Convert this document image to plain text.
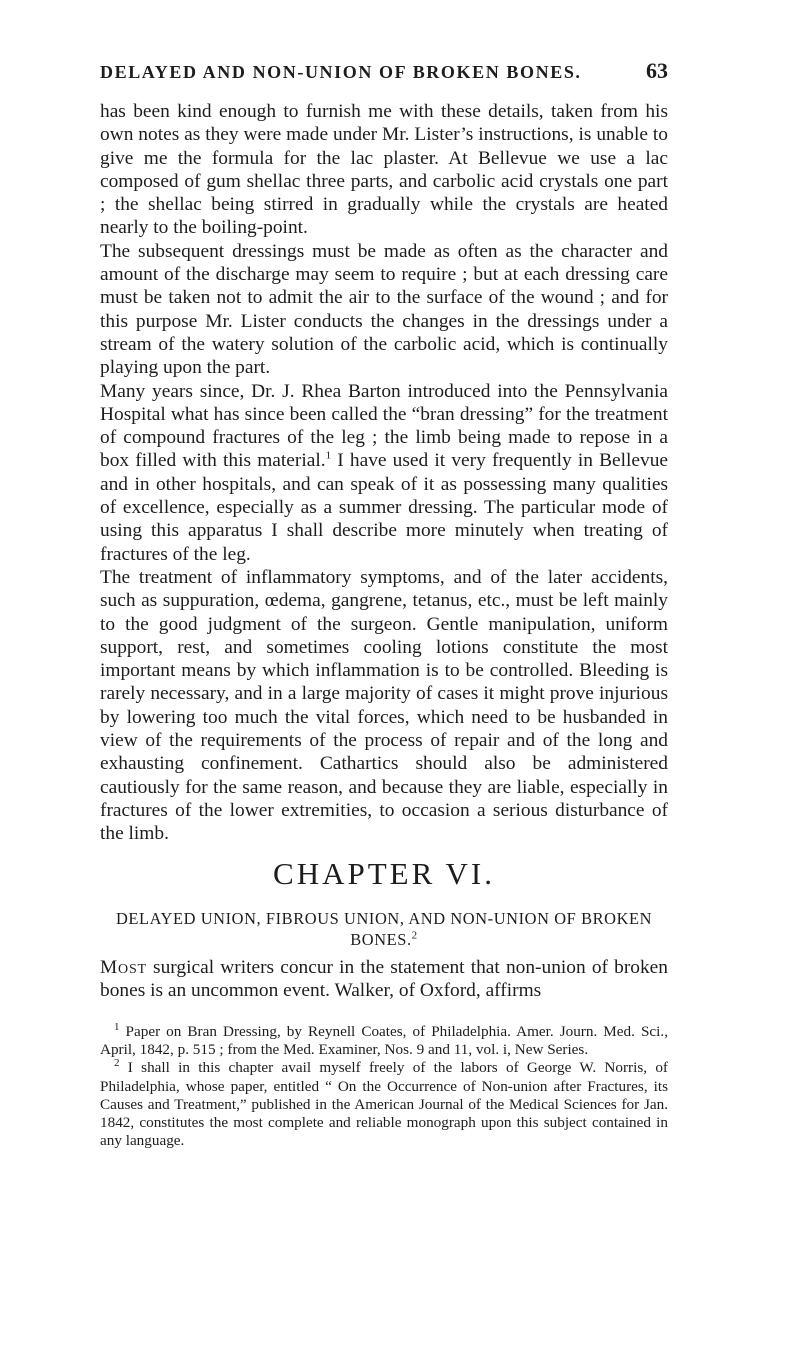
DELAYED AND NON-UNION OF BROKEN BONES.	63

has been kind enough to furnish me with these details, taken from his own notes as they were made under Mr. Lister’s instructions, is unable to give me the formula for the lac plaster. At Bellevue we use a lac composed of gum shellac three parts, and carbolic acid crystals one part ; the shellac being stirred in gradually while the crystals are heated nearly to the boiling-point.

The subsequent dressings must be made as often as the character and amount of the discharge may seem to require ; but at each dressing care must be taken not to admit the air to the surface of the wound ; and for this purpose Mr. Lister conducts the changes in the dressings under a stream of the watery solution of the carbolic acid, which is continually playing upon the part.

Many years since, Dr. J. Rhea Barton introduced into the Pennsylvania Hospital what has since been called the “bran dressing” for the treatment of compound fractures of the leg ; the limb being made to repose in a box filled with this material.$^1$ I have used it very frequently in Bellevue and in other hospitals, and can speak of it as possessing many qualities of excellence, especially as a summer dressing. The particular mode of using this apparatus I shall describe more minutely when treating of fractures of the leg.

The treatment of inflammatory symptoms, and of the later accidents, such as suppuration, œdema, gangrene, tetanus, etc., must be left mainly to the good judgment of the surgeon. Gentle manipulation, uniform support, rest, and sometimes cooling lotions constitute the most important means by which inflammation is to be controlled. Bleeding is rarely necessary, and in a large majority of cases it might prove injurious by lowering too much the vital forces, which need to be husbanded in view of the requirements of the process of repair and of the long and exhausting confinement. Cathartics should also be administered cautiously for the same reason, and because they are liable, especially in fractures of the lower extremities, to occasion a serious disturbance of the limb.

CHAPTER VI.
DELAYED UNION, FIBROUS UNION, AND NON-UNION OF BROKEN BONES.$^2$

Most surgical writers concur in the statement that non-union of broken bones is an uncommon event. Walker, of Oxford, affirms

$^1$ Paper on Bran Dressing, by Reynell Coates, of Philadelphia. Amer. Journ. Med. Sci., April, 1842, p. 515 ; from the Med. Examiner, Nos. 9 and 11, vol. i, New Series.

$^2$ I shall in this chapter avail myself freely of the labors of George W. Norris, of Philadelphia, whose paper, entitled “ On the Occurrence of Non-union after Fractures, its Causes and Treatment,” published in the American Journal of the Medical Sciences for Jan. 1842, constitutes the most complete and reliable monograph upon this subject contained in any language.
